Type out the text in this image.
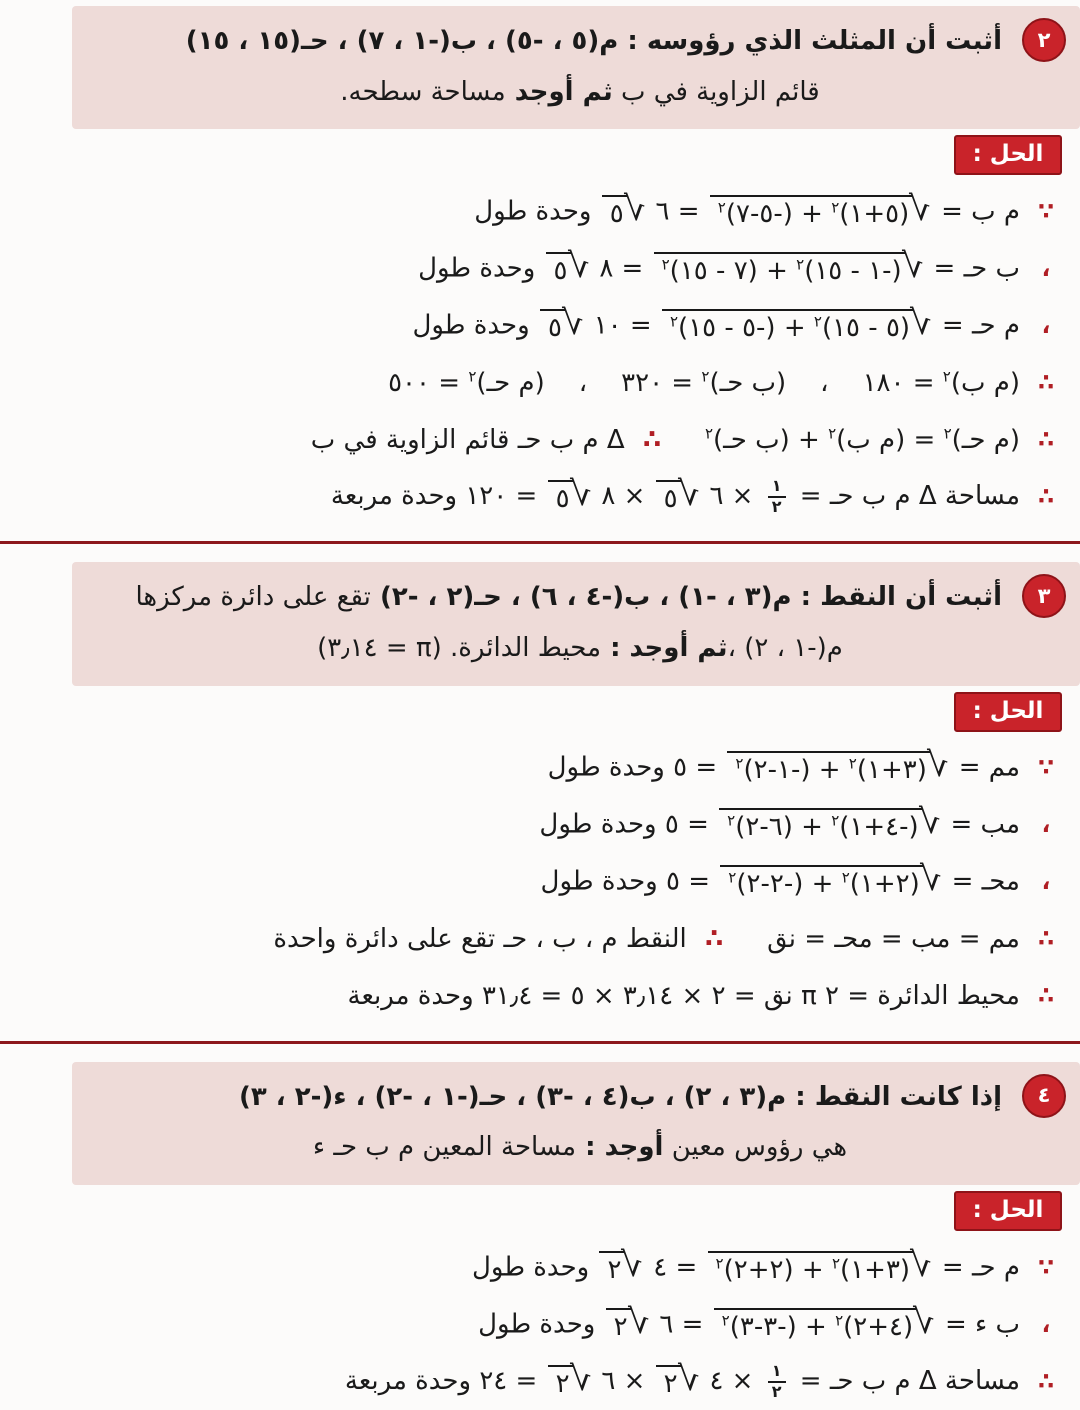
٢
أثبت أن المثلث الذي رؤوسه : م(٥ ، -٥) ، ب(-١ ، ٧) ، حـ(١٥ ، ١٥)
قائم الزاوية في ب ثم أوجد مساحة سطحه.
الحل :
∵
م ب =
√
(٥+١)$^٢$ + (-٥-٧)$^٢$
= ٦
√
٥
وحدة طول
،
ب حـ =
√
(-١ - ١٥)$^٢$ + (٧ - ١٥)$^٢$
= ٨
√
٥
وحدة طول
،
م حـ =
√
(٥ - ١٥)$^٢$ + (-٥ - ١٥)$^٢$
= ١٠
√
٥
وحدة طول
∴
(م ب)$^٢$ = ١٨٠،(ب حـ)$^٢$ = ٣٢٠،(م حـ)$^٢$ = ٥٠٠
∴
(م حـ)$^٢$ = (م ب)$^٢$ + (ب حـ)$^٢$∴ Δ م ب حـ قائم الزاوية في ب
∴
مساحة Δ م ب حـ =
$\frac{١}{٢}$
× ٦
√
٥
× ٨
√
٥
= ١٢٠ وحدة مربعة
٣
أثبت أن النقط : م(٣ ، -١) ، ب(-٤ ، ٦) ، حـ(٢ ، -٢) تقع على دائرة مركزها
م(-١ ، ٢) ،ثم أوجد : محيط الدائرة. (π = ٣٫١٤)
الحل :
∵
مم =
√
(٣+١)$^٢$ + (-١-٢)$^٢$
= ٥ وحدة طول
،
مب =
√
(-٤+١)$^٢$ + (٦-٢)$^٢$
= ٥ وحدة طول
،
محـ =
√
(٢+١)$^٢$ + (-٢-٢)$^٢$
= ٥ وحدة طول
∴
مم = مب = محـ = نق∴ النقط م ، ب ، حـ تقع على دائرة واحدة
∴
محيط الدائرة = ٢ π نق = ٢ × ٣٫١٤ × ٥ = ٣١٫٤ وحدة مربعة
٤
إذا كانت النقط : م(٣ ، ٢) ، ب(٤ ، -٣) ، حـ(-١ ، -٢) ، ء(-٢ ، ٣)
هي رؤوس معين أوجد : مساحة المعين م ب حـ ء
الحل :
∵
م حـ =
√
(٣+١)$^٢$ + (٢+٢)$^٢$
= ٤
√
٢
وحدة طول
،
ب ء =
√
(٤+٢)$^٢$ + (-٣-٣)$^٢$
= ٦
√
٢
وحدة طول
∴
مساحة Δ م ب حـ =
$\frac{١}{٢}$
× ٤
√
٢
× ٦
√
٢
= ٢٤ وحدة مربعة
